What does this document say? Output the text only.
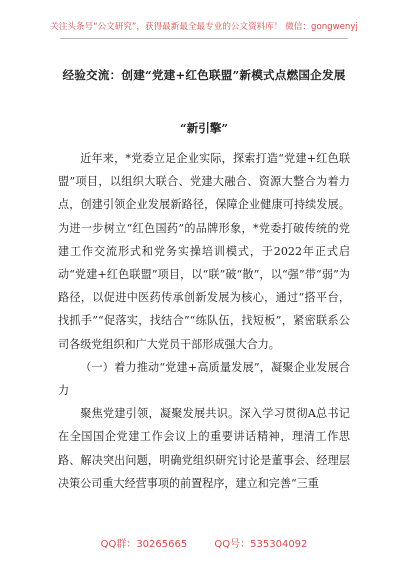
关注头条号“公文研究”，获得最新最全最专业的公文资料库！ 微信：gongwenyj
经验交流：创建“党建+红色联盟”新模式点燃国企发展
“新引擎”

近年来，*党委立足企业实际，探索打造“党建+红色联盟”项目，以组织大联合、党建大融合、资源大整合为着力点，创建引领企业发展新路径，保障企业健康可持续发展。为进一步树立“红色国药”的品牌形象，*党委打破传统的党建工作交流形式和党务实操培训模式，于2022年正式启动“党建+红色联盟”项目，以“联”破“散”，以“强”带“弱”为路径，以促进中医药传承创新发展为核心，通过“搭平台，找抓手”“促落实，找结合”“练队伍，找短板”，紧密联系公司各级党组织和广大党员干部形成强大合力。

（一）着力推动“党建+高质量发展”，凝聚企业发展合力

聚焦党建引领，凝聚发展共识。深入学习贯彻A总书记在全国国企党建工作会议上的重要讲话精神，理清工作思路、解决突出问题，明确党组织研究讨论是董事会、经理层决策公司重大经营事项的前置程序，建立和完善“三重

QQ群：30265665	QQ号：535304092
